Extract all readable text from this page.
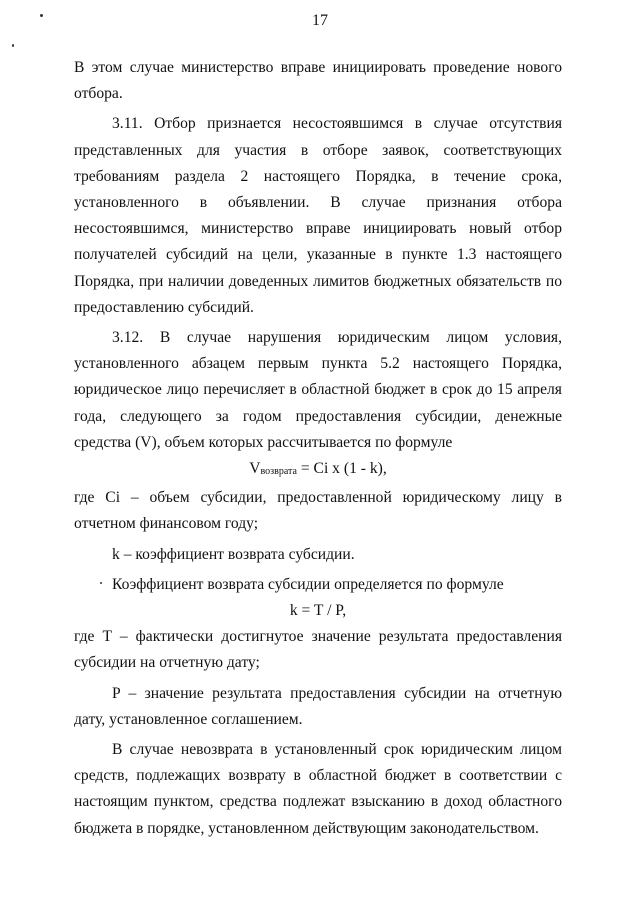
17

В этом случае министерство вправе инициировать проведение нового отбора.

3.11. Отбор признается несостоявшимся в случае отсутствия представленных для участия в отборе заявок, соответствующих требованиям раздела 2 настоящего Порядка, в течение срока, установленного в объявлении. В случае признания отбора несостоявшимся, министерство вправе инициировать новый отбор получателей субсидий на цели, указанные в пункте 1.3 настоящего Порядка, при наличии доведенных лимитов бюджетных обязательств по предоставлению субсидий.

3.12. В случае нарушения юридическим лицом условия, установленного абзацем первым пункта 5.2 настоящего Порядка, юридическое лицо перечисляет в областной бюджет в срок до 15 апреля года, следующего за годом предоставления субсидии, денежные средства (V), объем которых рассчитывается по формуле

Vвозврата = Ci x (1 - k),

где Ci – объем субсидии, предоставленной юридическому лицу в отчетном финансовом году;

k – коэффициент возврата субсидии.

Коэффициент возврата субсидии определяется по формуле

k = T / P,

где T – фактически достигнутое значение результата предоставления субсидии на отчетную дату;

P – значение результата предоставления субсидии на отчетную дату, установленное соглашением.

В случае невозврата в установленный срок юридическим лицом средств, подлежащих возврату в областной бюджет в соответствии с настоящим пунктом, средства подлежат взысканию в доход областного бюджета в порядке, установленном действующим законодательством.
